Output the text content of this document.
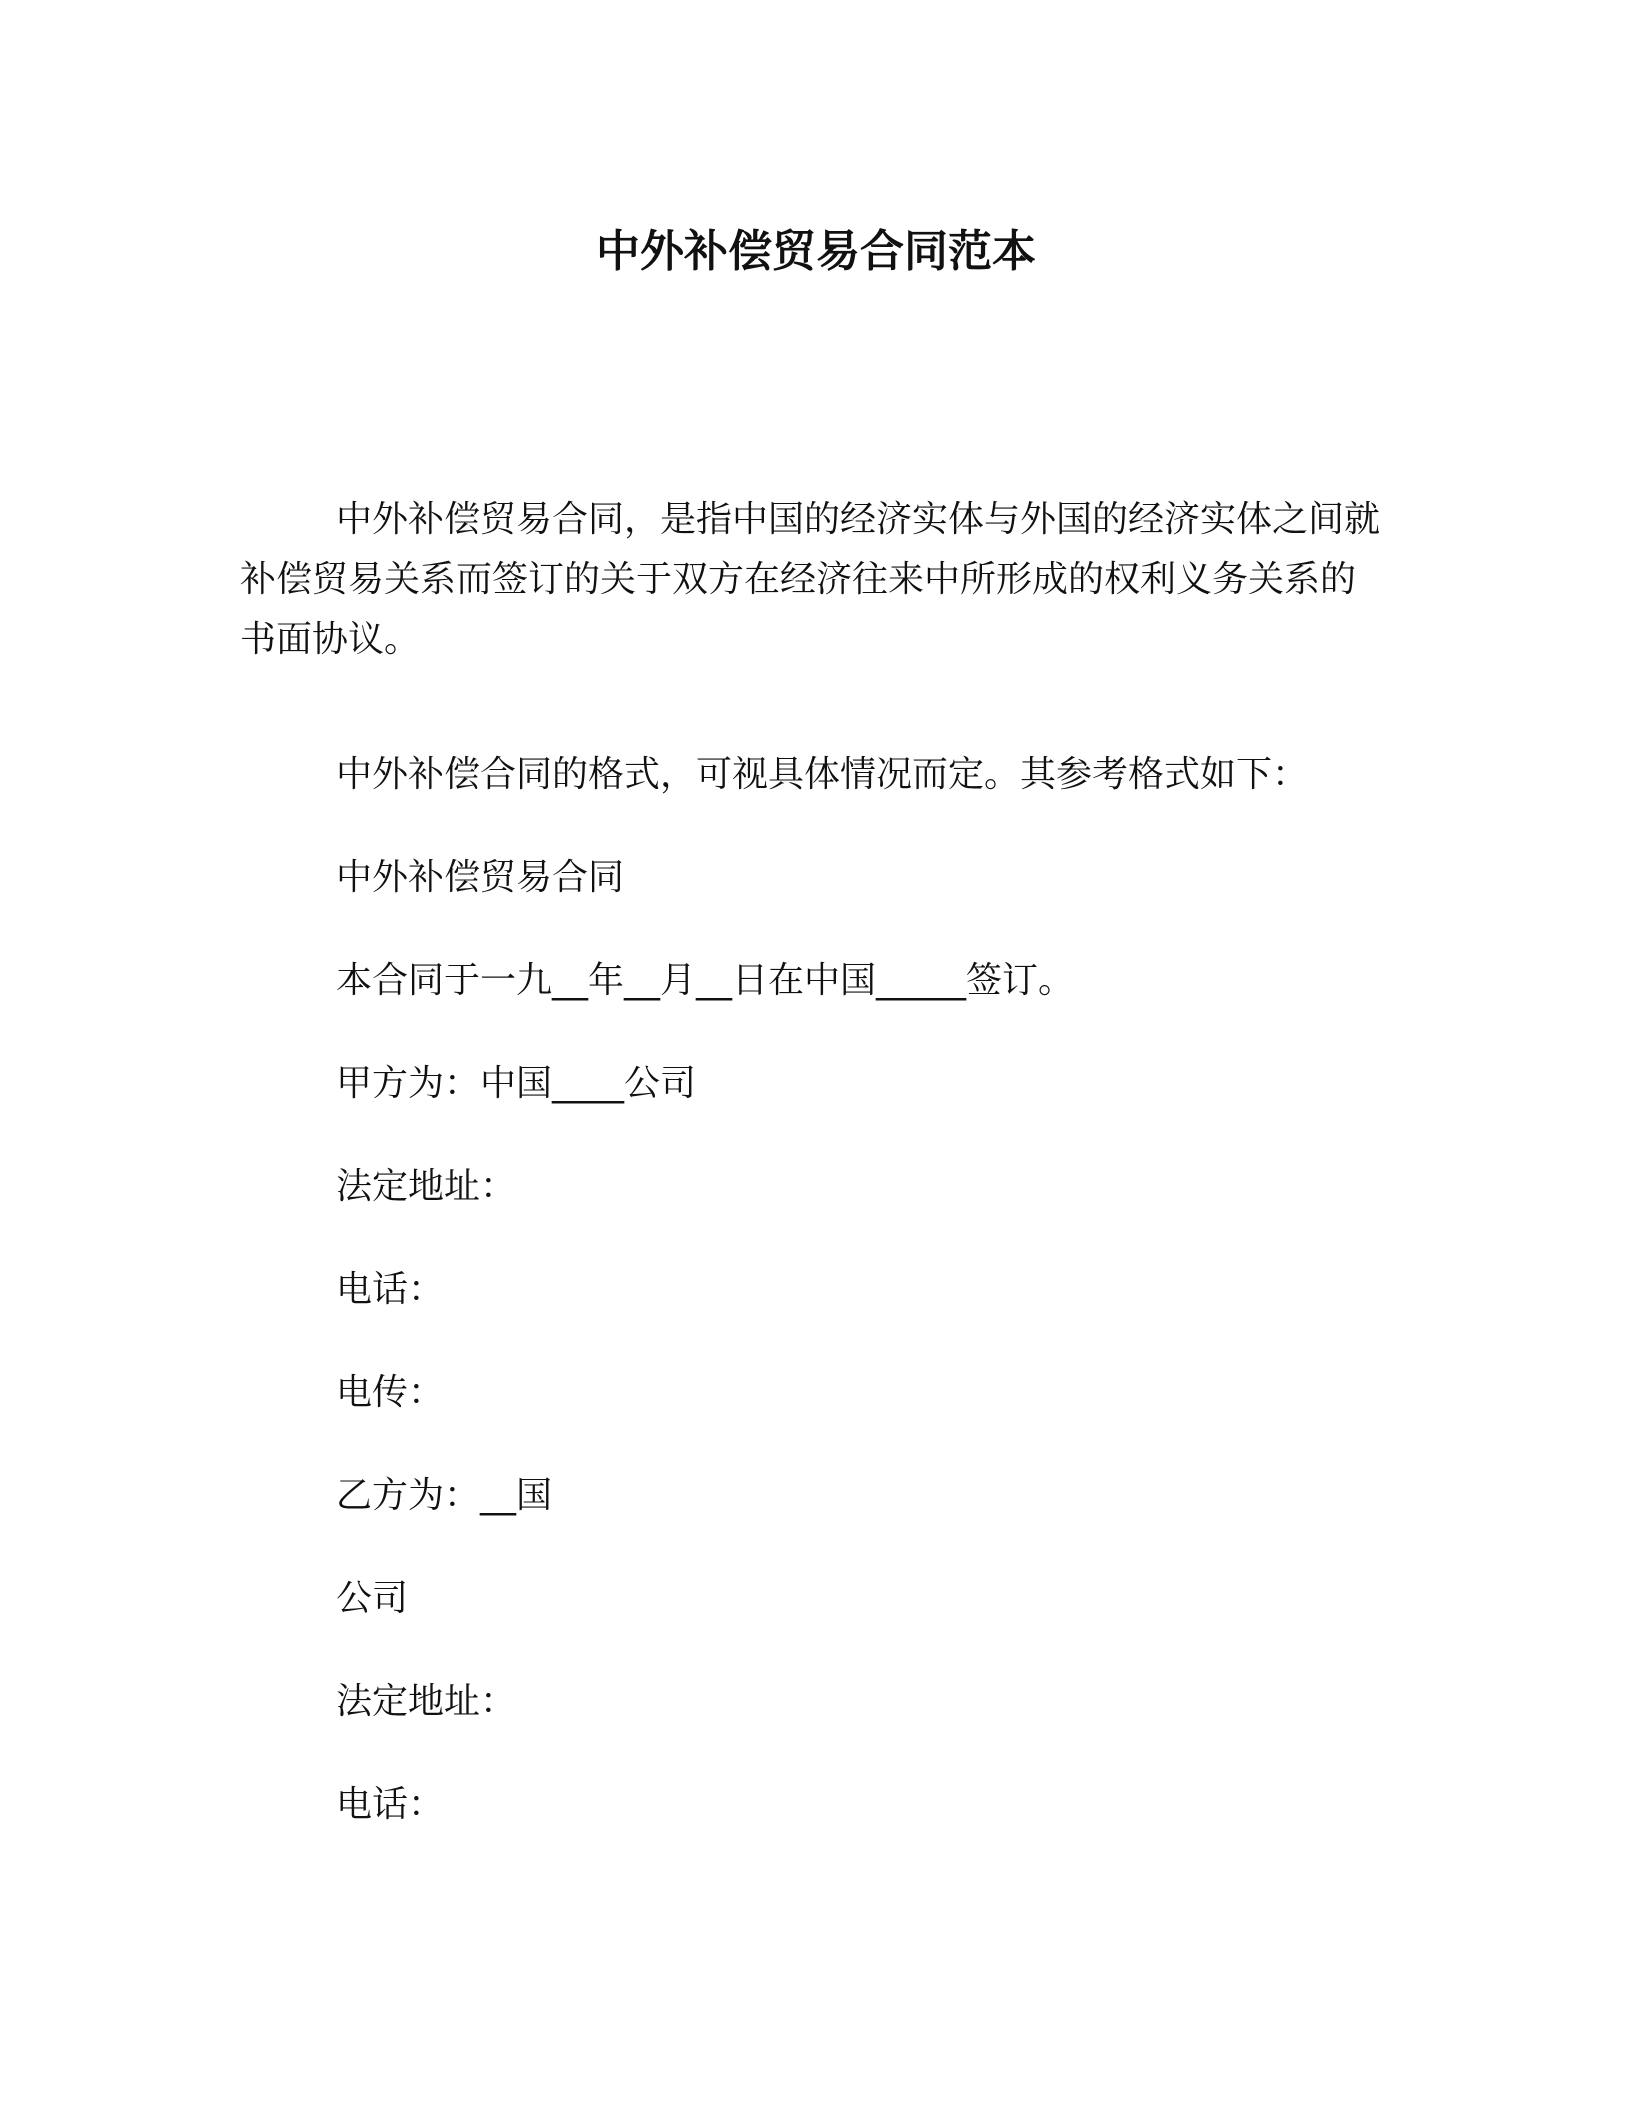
中外补偿贸易合同范本

中外补偿贸易合同，是指中国的经济实体与外国的经济实体之间就补偿贸易关系而签订的关于双方在经济往来中所形成的权利义务关系的书面协议。

中外补偿合同的格式，可视具体情况而定。其参考格式如下：

中外补偿贸易合同

本合同于一九__年__月__日在中国_____签订。

甲方为：中国____公司

法定地址：

电话：

电传：

乙方为：__国

公司

法定地址：

电话：
